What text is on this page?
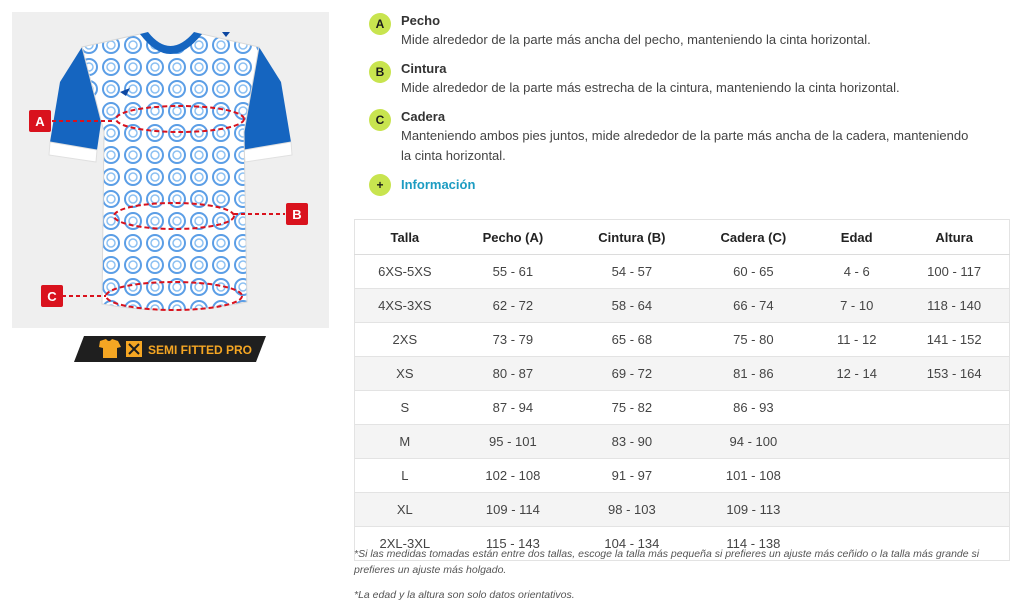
A
B
C
SEMI FITTED PRO
A	Pecho
Mide alrededor de la parte más ancha del pecho, manteniendo la cinta horizontal.
B	Cintura
Mide alrededor de la parte más estrecha de la cintura, manteniendo la cinta horizontal.
C	Cadera
Manteniendo ambos pies juntos, mide alrededor de la parte más ancha de la cadera, manteniendo la cinta horizontal.
+	Información
Talla	Pecho (A)	Cintura (B)	Cadera (C)	Edad	Altura
6XS-5XS	55 - 61	54 - 57	60 - 65	4 - 6	100 - 117
4XS-3XS	62 - 72	58 - 64	66 - 74	7 - 10	118 - 140
2XS	73 - 79	65 - 68	75 - 80	11 - 12	141 - 152
XS	80 - 87	69 - 72	81 - 86	12 - 14	153 - 164
S	87 - 94	75 - 82	86 - 93		
M	95 - 101	83 - 90	94 - 100		
L	102 - 108	91 - 97	101 - 108		
XL	109 - 114	98 - 103	109 - 113		
2XL-3XL	115 - 143	104 - 134	114 - 138		
*Si las medidas tomadas están entre dos tallas, escoge la talla más pequeña si prefieres un ajuste más ceñido o la talla más grande si prefieres un ajuste más holgado.
*La edad y la altura son solo datos orientativos.
